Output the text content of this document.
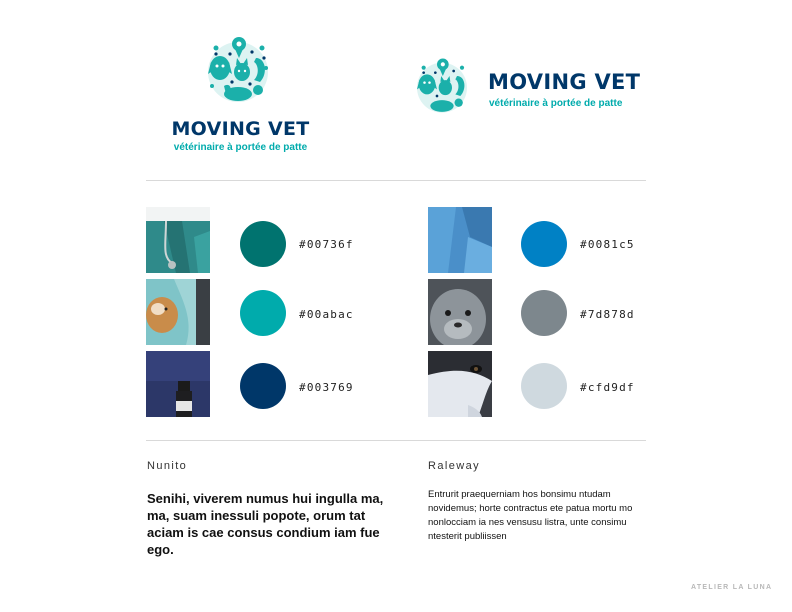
MOVING VET
vétérinaire à portée de patte
MOVING VET
vétérinaire à portée de patte
#00736f
#00abac
#003769
#0081c5
#7d878d
#cfd9df
Nunito
Senihi, viverem numus hui ingulla ma, ma, suam inessuli popote, orum tat aciam is cae consus condium iam fue ego.
Raleway
Entrurit praequerniam hos bonsimu ntudam novidemus; horte contractus ete patua mortu mo nonlocciam ia nes vensusu listra, unte consimu ntesterit publiissen
ATELIER LA LUNA
